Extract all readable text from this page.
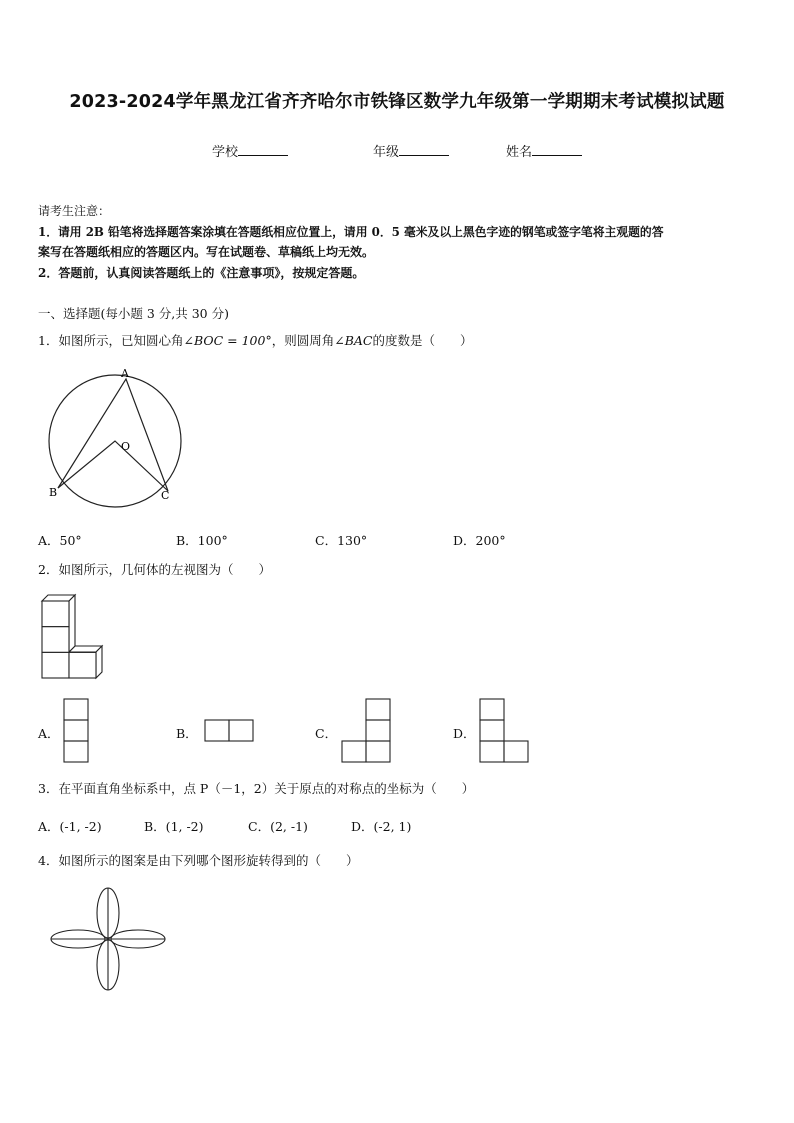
2023-2024学年黑龙江省齐齐哈尔市铁锋区数学九年级第一学期期末考试模拟试题
学校	年级	姓名
请考生注意：
1．请用 2B 铅笔将选择题答案涂填在答题纸相应位置上，请用 0．5 毫米及以上黑色字迹的钢笔或签字笔将主观题的答
案写在答题纸相应的答题区内。写在试题卷、草稿纸上均无效。
2．答题前，认真阅读答题纸上的《注意事项》，按规定答题。
一、选择题(每小题 3 分,共 30 分)
1．如图所示，已知圆心角∠BOC = 100°，则圆周角∠BAC的度数是（　　）
A
O
B	C
A．50°	B．100°	C．130°	D．200°
2．如图所示，几何体的左视图为（　　）
A．	B．	C．	D．
3．在平面直角坐标系中，点 P（－1，2）关于原点的对称点的坐标为（　　）
A．(-1, -2)	B．(1, -2)	C．(2, -1)	D．(-2, 1)
4．如图所示的图案是由下列哪个图形旋转得到的（　　）
